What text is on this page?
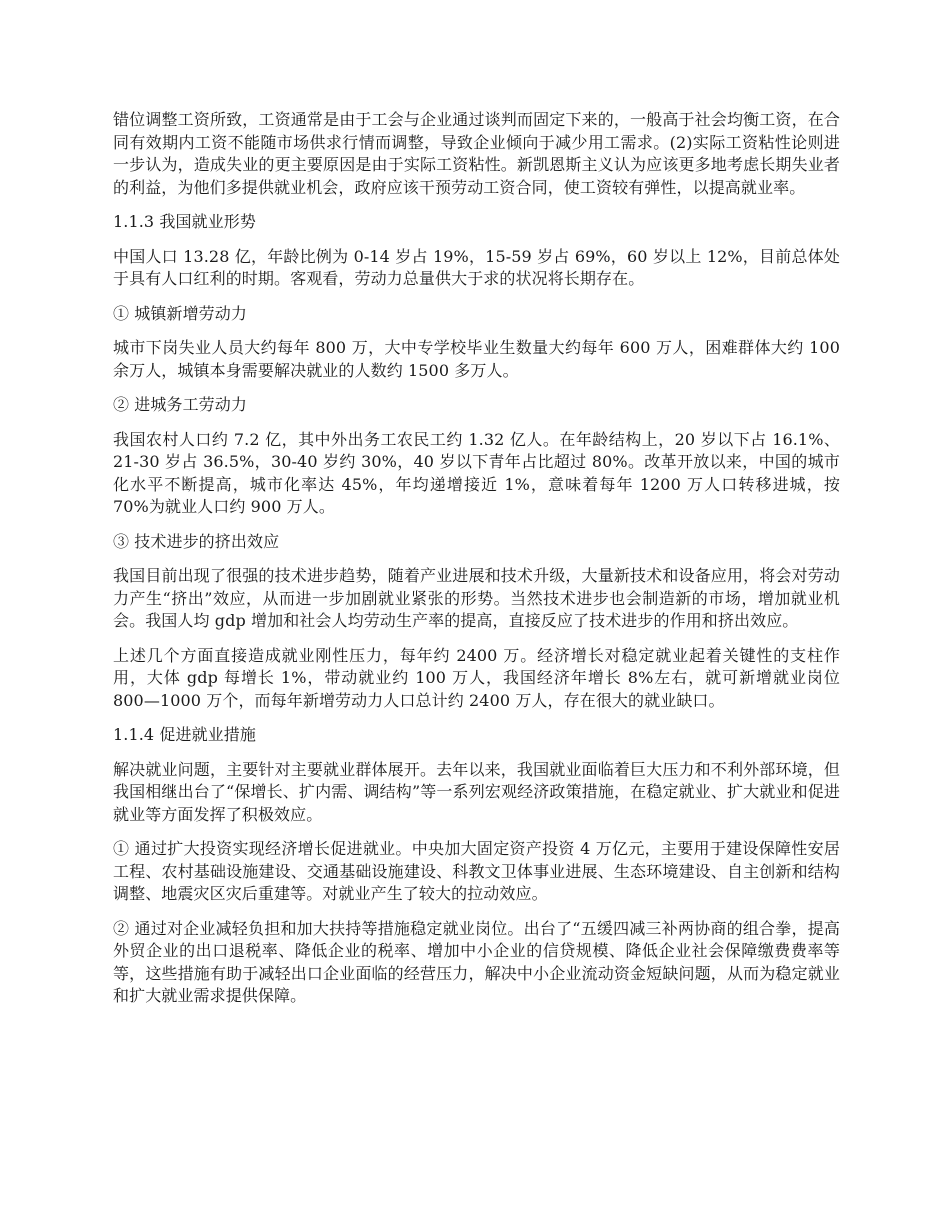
错位调整工资所致，工资通常是由于工会与企业通过谈判而固定下来的，一般高于社会均衡工资，在合同有效期内工资不能随市场供求行情而调整，导致企业倾向于减少用工需求。(2)实际工资粘性论则进一步认为，造成失业的更主要原因是由于实际工资粘性。新凯恩斯主义认为应该更多地考虑长期失业者的利益，为他们多提供就业机会，政府应该干预劳动工资合同，使工资较有弹性，以提高就业率。

1.1.3 我国就业形势

中国人口 13.28 亿，年龄比例为 0-14 岁占 19%，15-59 岁占 69%，60 岁以上 12%，目前总体处于具有人口红利的时期。客观看，劳动力总量供大于求的状况将长期存在。

① 城镇新增劳动力

城市下岗失业人员大约每年 800 万，大中专学校毕业生数量大约每年 600 万人，困难群体大约 100 余万人，城镇本身需要解决就业的人数约 1500 多万人。

② 进城务工劳动力

我国农村人口约 7.2 亿，其中外出务工农民工约 1.32 亿人。在年龄结构上，20 岁以下占 16.1%、21-30 岁占 36.5%，30-40 岁约 30%，40 岁以下青年占比超过 80%。改革开放以来，中国的城市化水平不断提高，城市化率达 45%，年均递增接近 1%，意味着每年 1200 万人口转移进城，按 70%为就业人口约 900 万人。

③ 技术进步的挤出效应

我国目前出现了很强的技术进步趋势，随着产业进展和技术升级，大量新技术和设备应用，将会对劳动力产生“挤出”效应，从而进一步加剧就业紧张的形势。当然技术进步也会制造新的市场，增加就业机会。我国人均 gdp 增加和社会人均劳动生产率的提高，直接反应了技术进步的作用和挤出效应。

上述几个方面直接造成就业刚性压力，每年约 2400 万。经济增长对稳定就业起着关键性的支柱作用，大体 gdp 每增长 1%，带动就业约 100 万人，我国经济年增长 8%左右，就可新增就业岗位 800—1000 万个，而每年新增劳动力人口总计约 2400 万人，存在很大的就业缺口。

1.1.4 促进就业措施

解决就业问题，主要针对主要就业群体展开。去年以来，我国就业面临着巨大压力和不利外部环境，但我国相继出台了“保增长、扩内需、调结构”等一系列宏观经济政策措施，在稳定就业、扩大就业和促进就业等方面发挥了积极效应。

① 通过扩大投资实现经济增长促进就业。中央加大固定资产投资 4 万亿元，主要用于建设保障性安居工程、农村基础设施建设、交通基础设施建设、科教文卫体事业进展、生态环境建设、自主创新和结构调整、地震灾区灾后重建等。对就业产生了较大的拉动效应。

② 通过对企业减轻负担和加大扶持等措施稳定就业岗位。出台了“五缓四减三补两协商的组合拳，提高外贸企业的出口退税率、降低企业的税率、增加中小企业的信贷规模、降低企业社会保障缴费费率等等，这些措施有助于减轻出口企业面临的经营压力，解决中小企业流动资金短缺问题，从而为稳定就业和扩大就业需求提供保障。
